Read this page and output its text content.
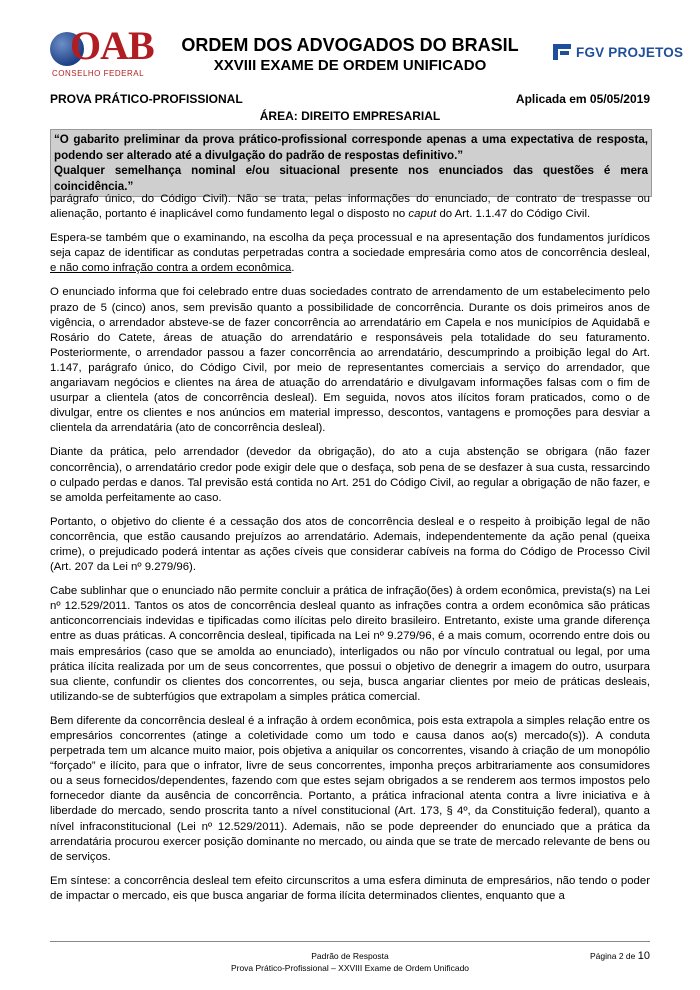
OAB
CONSELHO FEDERAL
ORDEM DOS ADVOGADOS DO BRASIL
XXVIII EXAME DE ORDEM UNIFICADO
FGV PROJETOS
PROVA PRÁTICO-PROFISSIONAL	Aplicada em 05/05/2019
ÁREA: DIREITO EMPRESARIAL

“O gabarito preliminar da prova prático-profissional corresponde apenas a uma expectativa de resposta, podendo ser alterado até a divulgação do padrão de respostas definitivo.”

Qualquer semelhança nominal e/ou situacional presente nos enunciados das questões é mera coincidência.”

parágrafo único, do Código Civil). Não se trata, pelas informações do enunciado, de contrato de trespasse ou alienação, portanto é inaplicável como fundamento legal o disposto no caput do Art. 1.1.47 do Código Civil.

Espera-se também que o examinando, na escolha da peça processual e na apresentação dos fundamentos jurídicos seja capaz de identificar as condutas perpetradas contra a sociedade empresária como atos de concorrência desleal, e não como infração contra a ordem econômica.

O enunciado informa que foi celebrado entre duas sociedades contrato de arrendamento de um estabelecimento pelo prazo de 5 (cinco) anos, sem previsão quanto a possibilidade de concorrência. Durante os dois primeiros anos de vigência, o arrendador absteve-se de fazer concorrência ao arrendatário em Capela e nos municípios de Aquidabã e Rosário do Catete, áreas de atuação do arrendatário e responsáveis pela totalidade do seu faturamento. Posteriormente, o arrendador passou a fazer concorrência ao arrendatário, descumprindo a proibição legal do Art. 1.147, parágrafo único, do Código Civil, por meio de representantes comerciais a serviço do arrendador, que angariavam negócios e clientes na área de atuação do arrendatário e divulgavam informações falsas com o fim de usurpar a clientela (atos de concorrência desleal). Em seguida, novos atos ilícitos foram praticados, como o de divulgar, entre os clientes e nos anúncios em material impresso, descontos, vantagens e promoções para desviar a clientela da arrendatária (ato de concorrência desleal).

Diante da prática, pelo arrendador (devedor da obrigação), do ato a cuja abstenção se obrigara (não fazer concorrência), o arrendatário credor pode exigir dele que o desfaça, sob pena de se desfazer à sua custa, ressarcindo o culpado perdas e danos. Tal previsão está contida no Art. 251 do Código Civil, ao regular a obrigação de não fazer, e se amolda perfeitamente ao caso.

Portanto, o objetivo do cliente é a cessação dos atos de concorrência desleal e o respeito à proibição legal de não concorrência, que estão causando prejuízos ao arrendatário. Ademais, independentemente da ação penal (queixa crime), o prejudicado poderá intentar as ações cíveis que considerar cabíveis na forma do Código de Processo Civil (Art. 207 da Lei nº 9.279/96).

Cabe sublinhar que o enunciado não permite concluir a prática de infração(ões) à ordem econômica, prevista(s) na Lei nº 12.529/2011. Tantos os atos de concorrência desleal quanto as infrações contra a ordem econômica são práticas anticoncorrenciais indevidas e tipificadas como ilícitas pelo direito brasileiro. Entretanto, existe uma grande diferença entre as duas práticas. A concorrência desleal, tipificada na Lei nº 9.279/96, é a mais comum, ocorrendo entre dois ou mais empresários (caso que se amolda ao enunciado), interligados ou não por vínculo contratual ou legal, por uma prática ilícita realizada por um de seus concorrentes, que possui o objetivo de denegrir a imagem do outro, usurpara sua cliente, confundir os clientes dos concorrentes, ou seja, busca angariar clientes por meio de práticas desleais, utilizando-se de subterfúgios que extrapolam a simples prática comercial.

Bem diferente da concorrência desleal é a infração à ordem econômica, pois esta extrapola a simples relação entre os empresários concorrentes (atinge a coletividade como um todo e causa danos ao(s) mercado(s)). A conduta perpetrada tem um alcance muito maior, pois objetiva a aniquilar os concorrentes, visando à criação de um monopólio “forçado” e ilícito, para que o infrator, livre de seus concorrentes, imponha preços arbitrariamente aos consumidores ou a seus fornecidos/dependentes, fazendo com que estes sejam obrigados a se renderem aos termos impostos pelo fornecedor diante da ausência de concorrência. Portanto, a prática infracional atenta contra a livre iniciativa e à liberdade do mercado, sendo proscrita tanto a nível constitucional (Art. 173, § 4º, da Constituição federal), quanto a nível infraconstitucional (Lei nº 12.529/2011). Ademais, não se pode depreender do enunciado que a prática da arrendatária procurou exercer posição dominante no mercado, ou ainda que se trate de mercado relevante de bens ou de serviços.

Em síntese: a concorrência desleal tem efeito circunscritos a uma esfera diminuta de empresários, não tendo o poder de impactar o mercado, eis que busca angariar de forma ilícita determinados clientes, enquanto que a

Padrão de Resposta
Prova Prático-Profissional – XXVIII Exame de Ordem Unificado
Página 2 de 10
